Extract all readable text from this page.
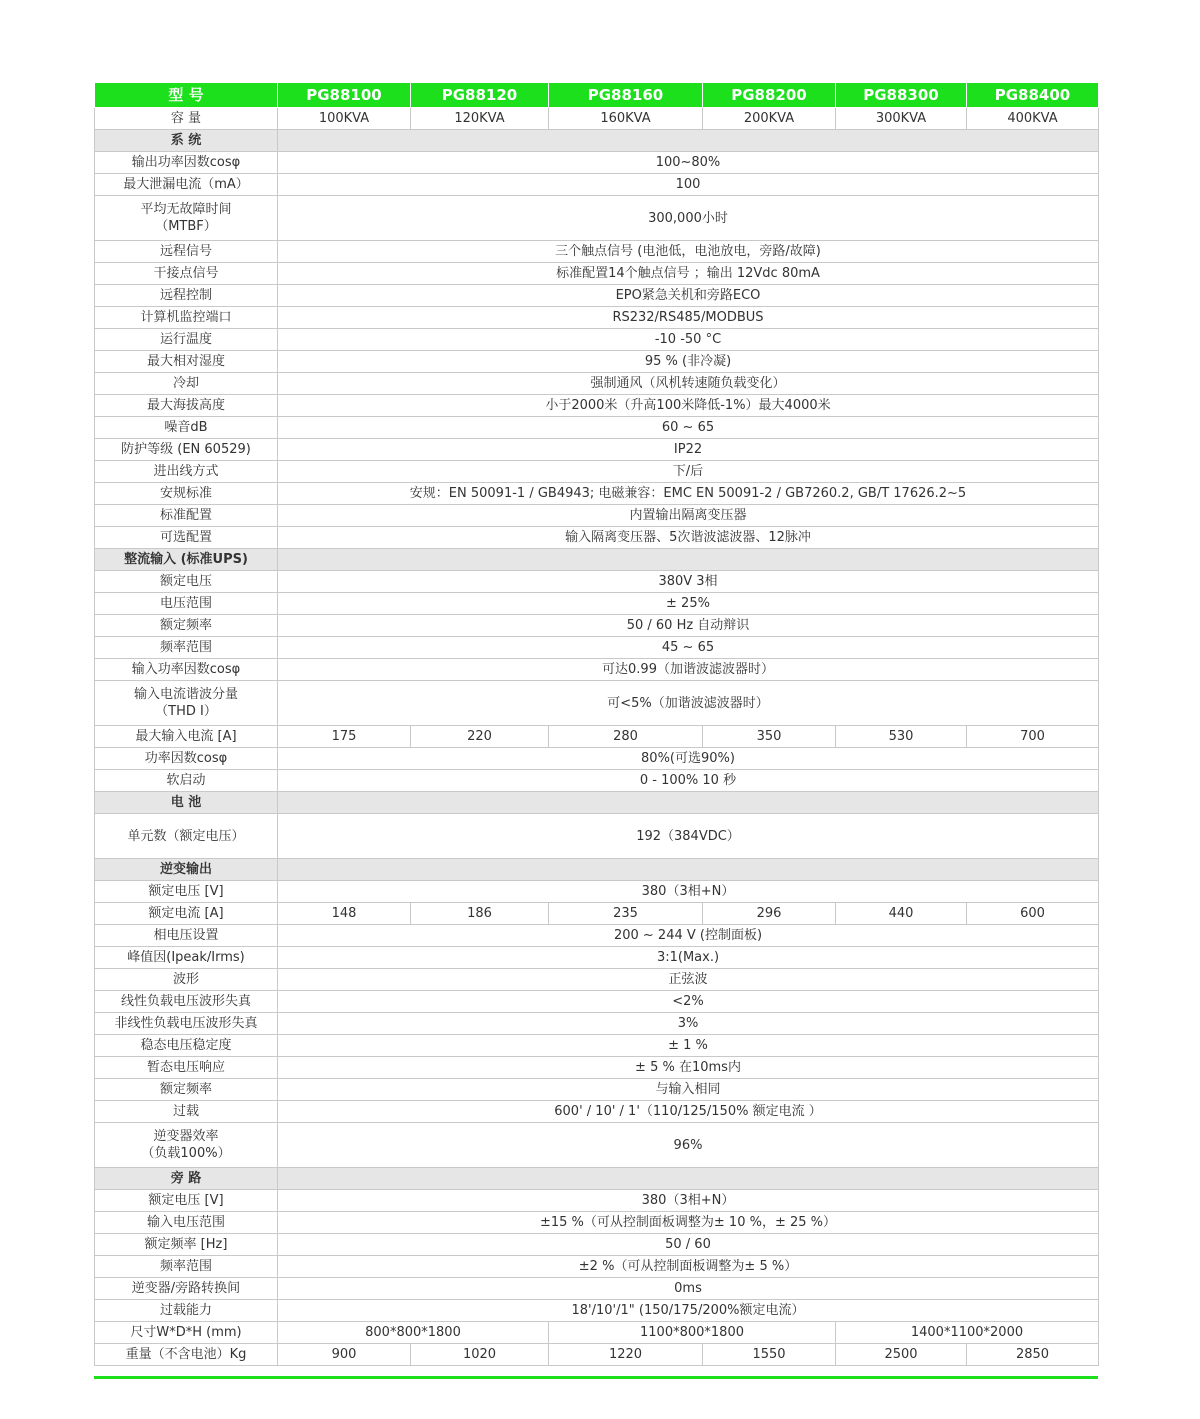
型 号	PG88100	PG88120	PG88160	PG88200	PG88300	PG88400
容 量	100KVA	120KVA	160KVA	200KVA	300KVA	400KVA
系 统						
输出功率因数cosφ	100~80%					
最大泄漏电流（mA）	100					
平均无故障时间
（MTBF）	300,000小时					
远程信号	三个触点信号 (电池低，电池放电，旁路/故障)					
干接点信号	标准配置14个触点信号 ；输出 12Vdc 80mA					
远程控制	EPO紧急关机和旁路ECO					
计算机监控端口	RS232/RS485/MODBUS					
运行温度	-10 -50 °C					
最大相对湿度	95 % (非冷凝)					
冷却	强制通风（风机转速随负载变化）					
最大海拔高度	小于2000米（升高100米降低-1%）最大4000米					
噪音dB	60 ~ 65					
防护等级 (EN 60529)	IP22					
进出线方式	下/后					
安规标准	安规：EN 50091-1 / GB4943; 电磁兼容：EMC EN 50091-2 / GB7260.2, GB/T 17626.2~5					
标准配置	内置输出隔离变压器					
可选配置	输入隔离变压器、5次谐波滤波器、12脉冲					
整流输入 (标准UPS)						
额定电压	380V 3相					
电压范围	± 25%					
额定频率	50 / 60 Hz 自动辩识					
频率范围	45 ~ 65					
输入功率因数cosφ	可达0.99（加谐波滤波器时）					
输入电流谐波分量
（THD I）	可<5%（加谐波滤波器时）					
最大输入电流 [A]	175	220	280	350	530	700
功率因数cosφ	80%(可选90%)					
软启动	0 - 100% 10 秒					
电 池						
单元数（额定电压）	192（384VDC）					
逆变输出						
额定电压 [V]	380（3相+N）					
额定电流 [A]	148	186	235	296	440	600
相电压设置	200 ~ 244 V (控制面板)					
峰值因(Ipeak/Irms)	3:1(Max.)					
波形	正弦波					
线性负载电压波形失真	<2%					
非线性负载电压波形失真	3%					
稳态电压稳定度	± 1 %					
暂态电压响应	± 5 % 在10ms内					
额定频率	与输入相同					
过载	600' / 10' / 1'（110/125/150% 额定电流 ）					
逆变器效率
（负载100%）	96%					
旁 路						
额定电压 [V]	380（3相+N）					
输入电压范围	±15 %（可从控制面板调整为± 10 %，± 25 %）					
额定频率 [Hz]	50 / 60					
频率范围	±2 %（可从控制面板调整为± 5 %）					
逆变器/旁路转换间	0ms					
过载能力	18'/10'/1" (150/175/200%额定电流）					
尺寸W*D*H (mm)	800*800*1800		1100*800*1800		1400*1100*2000	
重量（不含电池）Kg	900	1020	1220	1550	2500	2850
